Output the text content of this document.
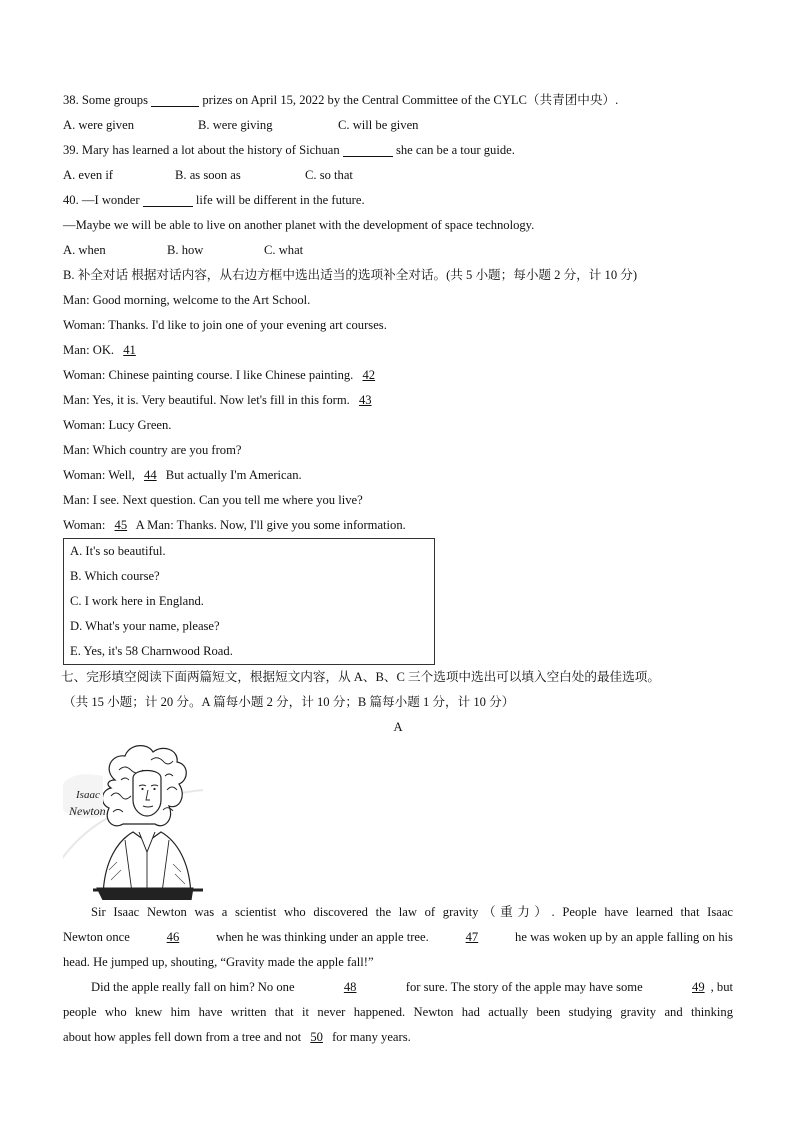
38. Some groups	prizes on April 15, 2022 by the Central Committee of the CYLC（共青团中央）.
A. were given	B. were giving	C. will be given
39. Mary has learned a lot about the history of Sichuan	she can be a tour guide.
A. even if	B. as soon as	C. so that
40. —I wonder	life will be different in the future.
—Maybe we will be able to live on another planet with the development of space technology.
A. when	B. how	C. what
B. 补全对话 根据对话内容，从右边方框中选出适当的选项补全对话。(共 5 小题；每小题 2 分，计 10 分)
Man: Good morning, welcome to the Art School.
Woman: Thanks. I'd like to join one of your evening art courses.
Man: OK. 41
Woman: Chinese painting course. I like Chinese painting. 42
Man: Yes, it is. Very beautiful. Now let's fill in this form. 43
Woman: Lucy Green.
Man: Which country are you from?
Woman: Well, 44 But actually I'm American.
Man: I see. Next question. Can you tell me where you live?
Woman: 45 A Man: Thanks. Now, I'll give you some information.
A. It's so beautiful.
B. Which course?
C. I work here in England.
D. What's your name, please?
E. Yes, it's 58 Charnwood Road.
七、完形填空阅读下面两篇短文，根据短文内容，从 A、B、C 三个选项中选出可以填入空白处的最佳选项。
（共 15 小题；计 20 分。A 篇每小题 2 分，计 10 分；B 篇每小题 1 分，计 10 分）
A
Isaac
Newton
Sir Isaac Newton was a scientist who discovered the law of gravity（重力）. People have learned that Isaac
Newton once	46	when he was thinking under an apple tree.	47	he was woken up by an apple falling on his
head. He jumped up, shouting, “Gravity made the apple fall!”
Did the apple really fall on him? No one	48	for sure. The story of the apple may have some	49 , but
people who knew him have written that it never happened. Newton had actually been studying gravity and thinking
about how apples fell down from a tree and not 50 for many years.
